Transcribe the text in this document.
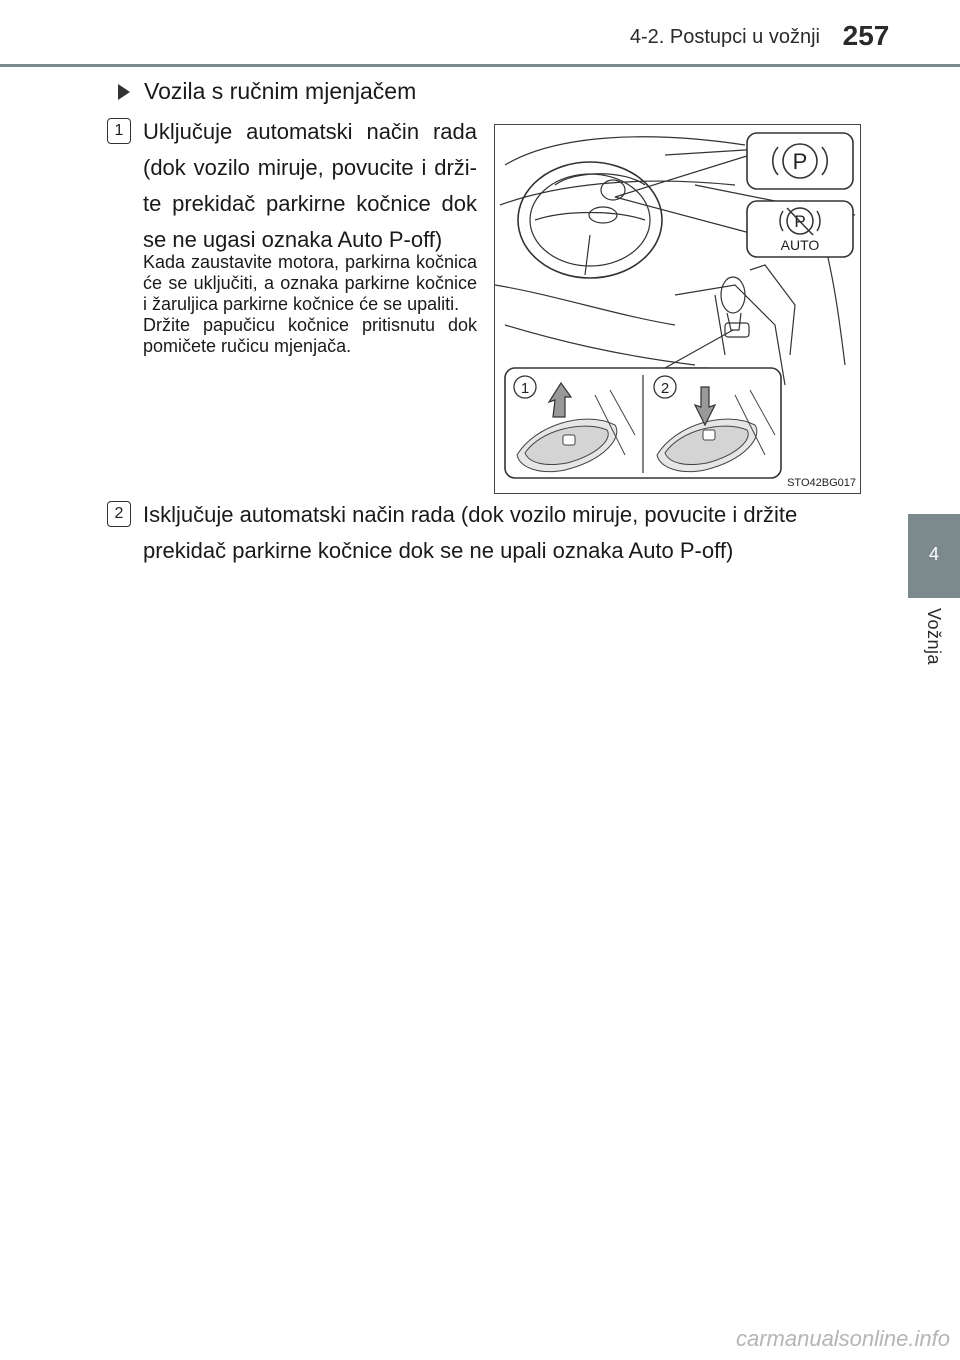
4-2. Postupci u vožnji 257
4
Vožnja
Vozila s ručnim mjenjačem
1 Uključuje automatski način rada (dok vozilo miruje, povucite i drži-te prekidač parkirne kočnice dok se ne ugasi oznaka Auto P-off)

Kada zaustavite motora, parkirna kočnica će se uključiti, a oznaka parkirne kočnice i žaruljica parkirne kočnice će se upaliti.

Držite papučicu kočnice pritisnutu dok pomičete ručicu mjenjača.

P
P
AUTO
1	2
STO42BG017
2 Isključuje automatski način rada (dok vozilo miruje, povucite i držite prekidač parkirne kočnice dok se ne upali oznaka Auto P-off)
carmanualsonline.info
